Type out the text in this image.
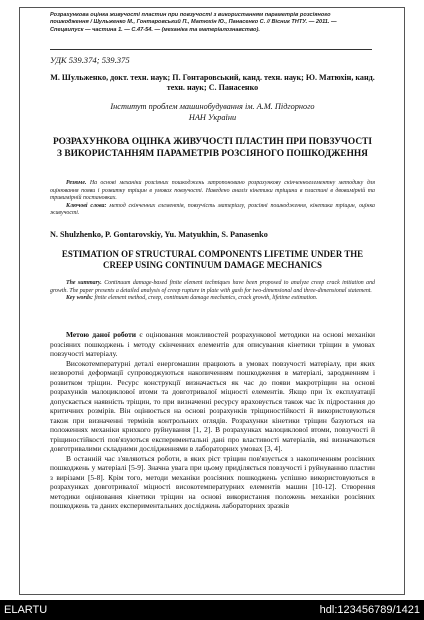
Розрахункова оцінка живучості пластин при повзучості з використанням параметрів розсіяного пошкодження / Шульженко М., Гонтаровський П., Матюхін Ю., Панасенко С. // Вісник ТНТУ. — 2011. — Спецвипуск — частина 1. — С.47-54. — (механіка та матеріалознавство).
УДК 539.374; 539.375
М. Шульженко, докт. техн. наук; П. Гонтаровський, канд. техн. наук; Ю. Матюхін, канд. техн. наук; С. Панасенко
Інститут проблем машинобудування ім. А.М. Підгорного
НАН України
РОЗРАХУНКОВА ОЦІНКА ЖИВУЧОСТІ ПЛАСТИН ПРИ ПОВЗУЧОСТІ З ВИКОРИСТАННЯМ ПАРАМЕТРІВ РОЗСІЯНОГО ПОШКОДЖЕННЯ
Резюме. На основі механіки розсіяних пошкоджень запропоновано розрахункову скінченноелементну методику для оцінювання появи і розвитку тріщин в умовах повзучості. Наведено аналіз кінетики тріщини в пластині в двовимірній та тривимірній постановках.
Ключові слова: метод скінченних елементів, повзучість матеріалу, розсіяні пошкодження, кінетика тріщин, оцінка живучості.
N. Shulzhenko, P. Gontarovskiy, Yu. Matyukhin, S. Panasenko
ESTIMATION OF STRUCTURAL COMPONENTS LIFETIME UNDER THE CREEP USING CONTINUUM DAMAGE MECHANICS
The summary. Continuum damage-based finite element techniques have been proposed to analyze creep crack initiation and growth. The paper presents a detailed analysis of creep rupture in plate with gash for two-dimensional and three-dimensional statement.
Key words: finite element method, creep, continuum damage mechanics, crack growth, lifetime estimation.

Метою даної роботи є оцінювання можливостей розрахункової методики на основі механіки розсіяних пошкоджень і методу скінченних елементів для описування кінетики тріщин в умовах повзучості матеріалу.

Високотемпературні деталі енергомашин працюють в умовах повзучості матеріалу, при яких незворотні деформації супроводжуються накопиченням пошкодження в матеріалі, зародженням і розвитком тріщин. Ресурс конструкції визначається як час до появи макротріщин на основі розрахунків малоциклової втоми та довготривалої міцності елементів. Якщо при їх експлуатації допускається наявність тріщин, то при визначенні ресурсу враховується також час їх підростання до критичних розмірів. Він оцінюється на основі розрахунків тріщиностійкості й використовуються також при визначенні термінів контрольних оглядів. Розрахунки кінетики тріщин базуються на положеннях механіки крихкого руйнування [1, 2]. В розрахунках малоциклової втоми, повзучості й тріщиностійкості пов'язуються експериментальні дані про властивості матеріалів, які визначаються довготривалими складними дослідженнями в лабораторних умовах [3, 4].

В останній час з'являються роботи, в яких ріст тріщин пов'язується з накопиченням розсіяних пошкоджень у матеріалі [5-9]. Значна увага при цьому приділяється повзучості і руйнуванню пластин з вирізами [5-8]. Крім того, методи механіки розсіяних пошкоджень успішно використовуються в розрахунках довготривалої міцності високотемпературних елементів машин [10-12]. Створення методики оцінювання кінетики тріщин на основі використання положень механіки розсіяних пошкоджень та даних експериментальних досліджень лабораторних зразків

ELARTU	hdl:123456789/1421
